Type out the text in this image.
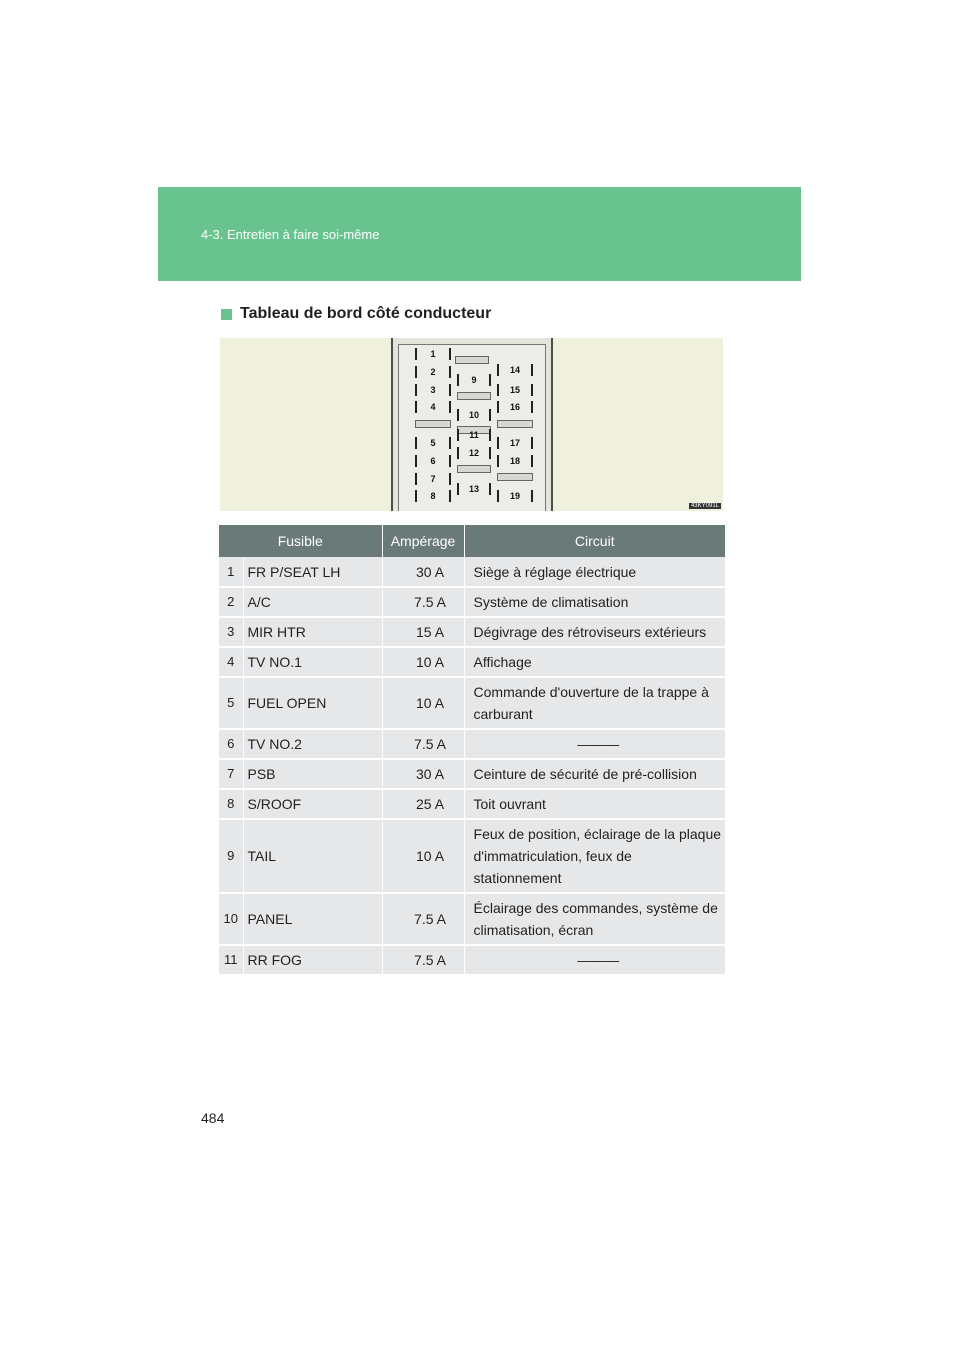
4-3. Entretien à faire soi-même
Tableau de bord côté conducteur
1
2
3
4
5
6
7
8
9
10
11
12
13
14
15
16
17
18
19
43KY091L
Fusible		Ampérage	Circuit
1	FR P/SEAT LH	30 A	Siège à réglage électrique
2	A/C	7.5 A	Système de climatisation
3	MIR HTR	15 A	Dégivrage des rétroviseurs extérieurs
4	TV NO.1	10 A	Affichage
5	FUEL OPEN	10 A	Commande d'ouverture de la trappe à carburant
6	TV NO.2	7.5 A	———
7	PSB	30 A	Ceinture de sécurité de pré-collision
8	S/ROOF	25 A	Toit ouvrant
9	TAIL	10 A	Feux de position, éclairage de la plaque d'immatriculation, feux de stationnement
10	PANEL	7.5 A	Éclairage des commandes, système de climatisation, écran
11	RR FOG	7.5 A	———
484
